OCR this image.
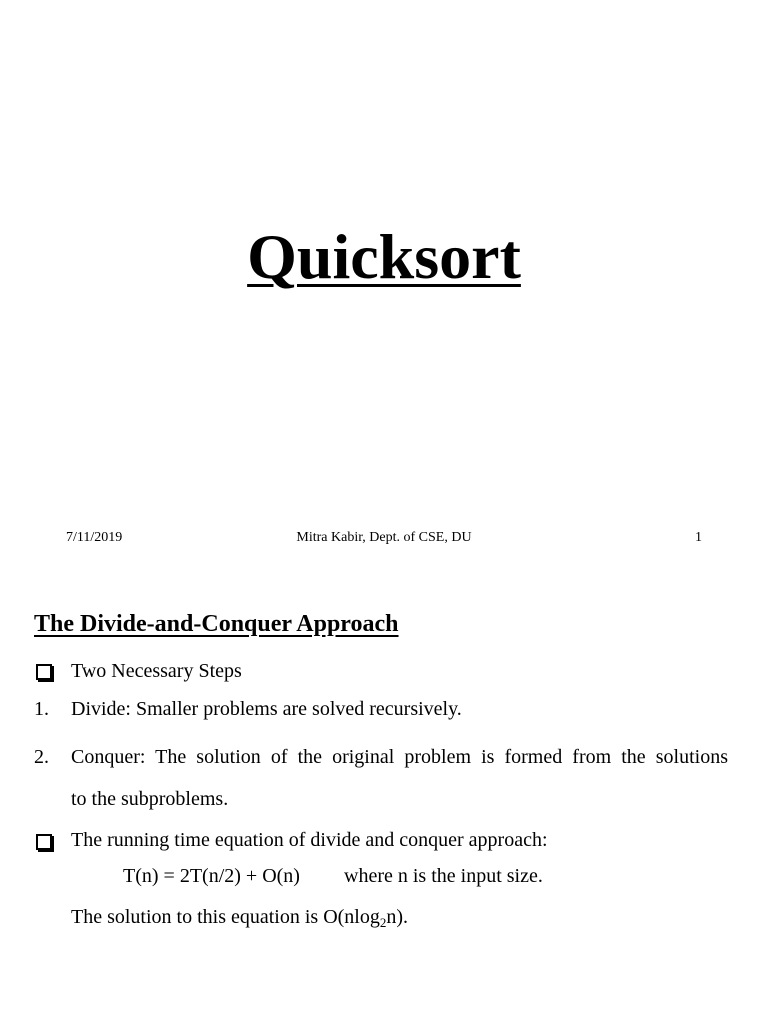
Quicksort
7/11/2019	Mitra Kabir, Dept. of CSE, DU	1
The Divide-and-Conquer Approach
Two Necessary Steps
1. Divide: Smaller problems are solved recursively.
2. Conquer: The solution of the original problem is formed from the solutions
to the subproblems.
The running time equation of divide and conquer approach:
T(n) = 2T(n/2) + O(n) where n is the input size.
The solution to this equation is O(nlog$_2$n).
